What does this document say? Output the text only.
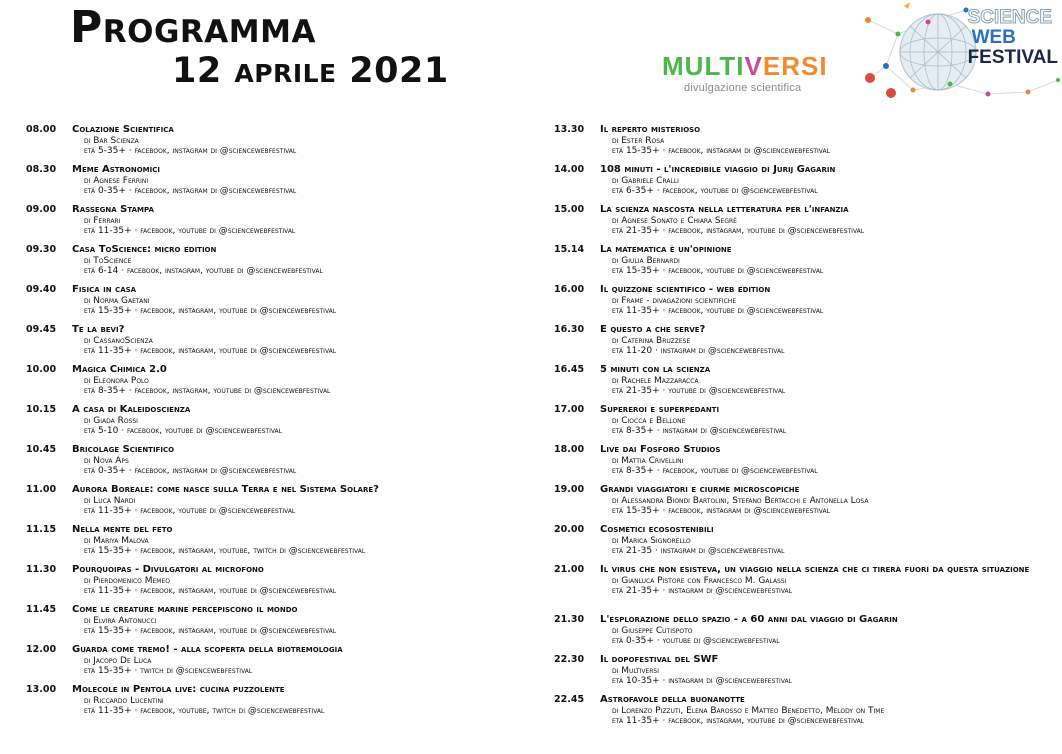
Programma
12 aprile 2021	MULTIVERSI
divulgazione scientifica
SCIENCE
WEB
FESTIVAL
08.00 Colazione Scientifica
di Bar Scienza
età 5-35+ · facebook, instagram di @sciencewebfestival
08.30 Meme Astronomici
di Agnese Ferrini
età 0-35+ · facebook, instagram di @sciencewebfestival
09.00 Rassegna Stampa
di Ferrari
età 11-35+ · facebook, youtube di @sciencewebfestival
09.30 Casa ToScience: micro edition
di ToScience
età 6-14 · facebook, instagram, youtube di @sciencewebfestival
09.40 Fisica in casa
di Norma Gaetani
età 15-35+ · facebook, instagram, youtube di @sciencewebfestival
09.45 Te la bevi?
di CassanoScienza
età 11-35+ · facebook, instagram, youtube di @sciencewebfestival
10.00 Magica Chimica 2.0
di Eleonora Polo
età 8-35+ · facebook, instagram, youtube di @sciencewebfestival
10.15 A casa di Kaleidoscienza
di Giada Rossi
età 5-10 · facebook, youtube di @sciencewebfestival
10.45 Bricolage Scientifico
di Nova Aps
età 0-35+ · facebook, instagram di @sciencewebfestival
11.00 Aurora Boreale: come nasce sulla Terra e nel Sistema Solare?
di Luca Nardi
età 11-35+ · facebook, youtube di @sciencewebfestival
11.15 Nella mente del feto
di Mariya Malova
età 15-35+ · facebook, instagram, youtube, twitch di @sciencewebfestival
11.30 Pourquoipas - Divulgatori al microfono
di Pierdomenico Memeo
età 11-35+ · facebook, instagram, youtube di @sciencewebfestival
11.45 Come le creature marine percepiscono il mondo
di Elvira Antonucci
età 15-35+ · facebook, instagram, youtube di @sciencewebfestival
12.00 Guarda come tremo! - alla scoperta della biotremologia
di Jacopo De Luca
età 15-35+ · twitch di @sciencewebfestival
13.00 Molecole in Pentola live: cucina puzzolente
di Riccardo Lucentini
età 11-35+ · facebook, youtube, twitch di @sciencewebfestival
13.30 Il reperto misterioso
di Ester Rosa
età 15-35+ · facebook, instagram di @sciencewebfestival
14.00 108 minuti - l'incredibile viaggio di Jurij Gagarin
di Gabriele Cralli
età 6-35+ · facebook, youtube di @sciencewebfestival
15.00 La scienza nascosta nella letteratura per l'infanzia
di Agnese Sonato e Chiara Segrè
età 21-35+ · facebook, instagram, youtube di @sciencewebfestival
15.14 La matematica è un'opinione
di Giulia Bernardi
età 15-35+ · facebook, youtube di @sciencewebfestival
16.00 Il quizzone scientifico - web edition
di Frame - divagazioni scientifiche
età 11-35+ · facebook, youtube di @sciencewebfestival
16.30 E questo a che serve?
di Caterina Bruzzese
età 11-20 · instagram di @sciencewebfestival
16.45 5 minuti con la scienza
di Rachele Mazzaracca
età 21-35+ · youtube di @sciencewebfestival
17.00 Supereroi e superpedanti
di Ciocca e Bellone
età 8-35+ · instagram di @sciencewebfestival
18.00 Live dai Fosforo Studios
di Mattia Crivellini
età 8-35+ · facebook, youtube di @sciencewebfestival
19.00 Grandi viaggiatori e ciurme microscopiche
di Alessandra Biondi Bartolini, Stefano Bertacchi e Antonella Losa
età 15-35+ · facebook, instagram di @sciencewebfestival
20.00 Cosmetici ecosostenibili
di Marica Signorello
età 21-35 · instagram di @sciencewebfestival
21.00 Il virus che non esisteva, un viaggio nella scienza che ci tirerà fuori da questa situazione
di Gianluca Pistore con Francesco M. Galassi
età 21-35+ · instagram di @sciencewebfestival
21.30 L'esplorazione dello spazio - a 60 anni dal viaggio di Gagarin
di Giuseppe Cutispoto
età 0-35+ · youtube di @sciencewebfestival
22.30 Il dopofestival del SWF
di Multiversi
età 10-35+ · instagram di @sciencewebfestival
22.45 Astrofavole della buonanotte
di Lorenzo Pizzuti, Elena Barosso e Matteo Benedetto, Melody on Time
età 11-35+ · facebook, instagram, youtube di @sciencewebfestival
